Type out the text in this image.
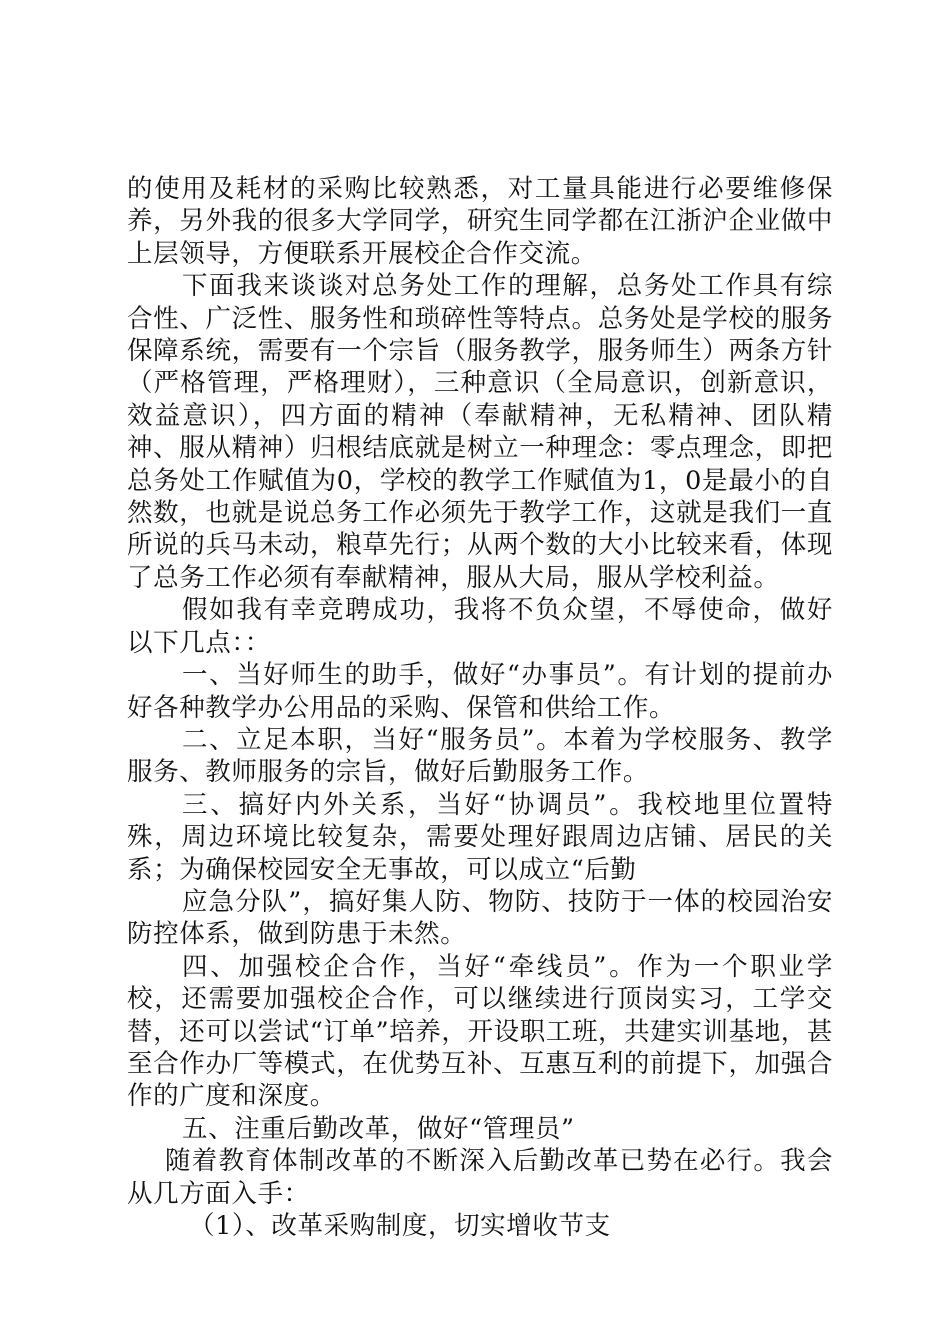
的使用及耗材的采购比较熟悉，对工量具能进行必要维修保养，另外我的很多大学同学，研究生同学都在江浙沪企业做中上层领导，方便联系开展校企合作交流。

下面我来谈谈对总务处工作的理解，总务处工作具有综合性、广泛性、服务性和琐碎性等特点。总务处是学校的服务保障系统，需要有一个宗旨（服务教学，服务师生）两条方针（严格管理，严格理财），三种意识（全局意识，创新意识，效益意识），四方面的精神（奉献精神，无私精神、团队精神、服从精神）归根结底就是树立一种理念：零点理念，即把总务处工作赋值为0，学校的教学工作赋值为1，0是最小的自然数，也就是说总务工作必须先于教学工作，这就是我们一直所说的兵马未动，粮草先行；从两个数的大小比较来看，体现了总务工作必须有奉献精神，服从大局，服从学校利益。

假如我有幸竞聘成功，我将不负众望，不辱使命，做好以下几点：：

一、当好师生的助手，做好“办事员”。有计划的提前办好各种教学办公用品的采购、保管和供给工作。

二、立足本职，当好“服务员”。本着为学校服务、教学服务、教师服务的宗旨，做好后勤服务工作。

三、搞好内外关系，当好“协调员”。我校地里位置特殊，周边环境比较复杂，需要处理好跟周边店铺、居民的关系；为确保校园安全无事故，可以成立“后勤

应急分队”，搞好集人防、物防、技防于一体的校园治安防控体系，做到防患于未然。

四、加强校企合作，当好“牵线员”。作为一个职业学校，还需要加强校企合作，可以继续进行顶岗实习，工学交替，还可以尝试“订单”培养，开设职工班，共建实训基地，甚至合作办厂等模式，在优势互补、互惠互利的前提下，加强合作的广度和深度。

五、注重后勤改革，做好“管理员”

随着教育体制改革的不断深入后勤改革已势在必行。我会从几方面入手：

（1）、改革采购制度，切实增收节支
